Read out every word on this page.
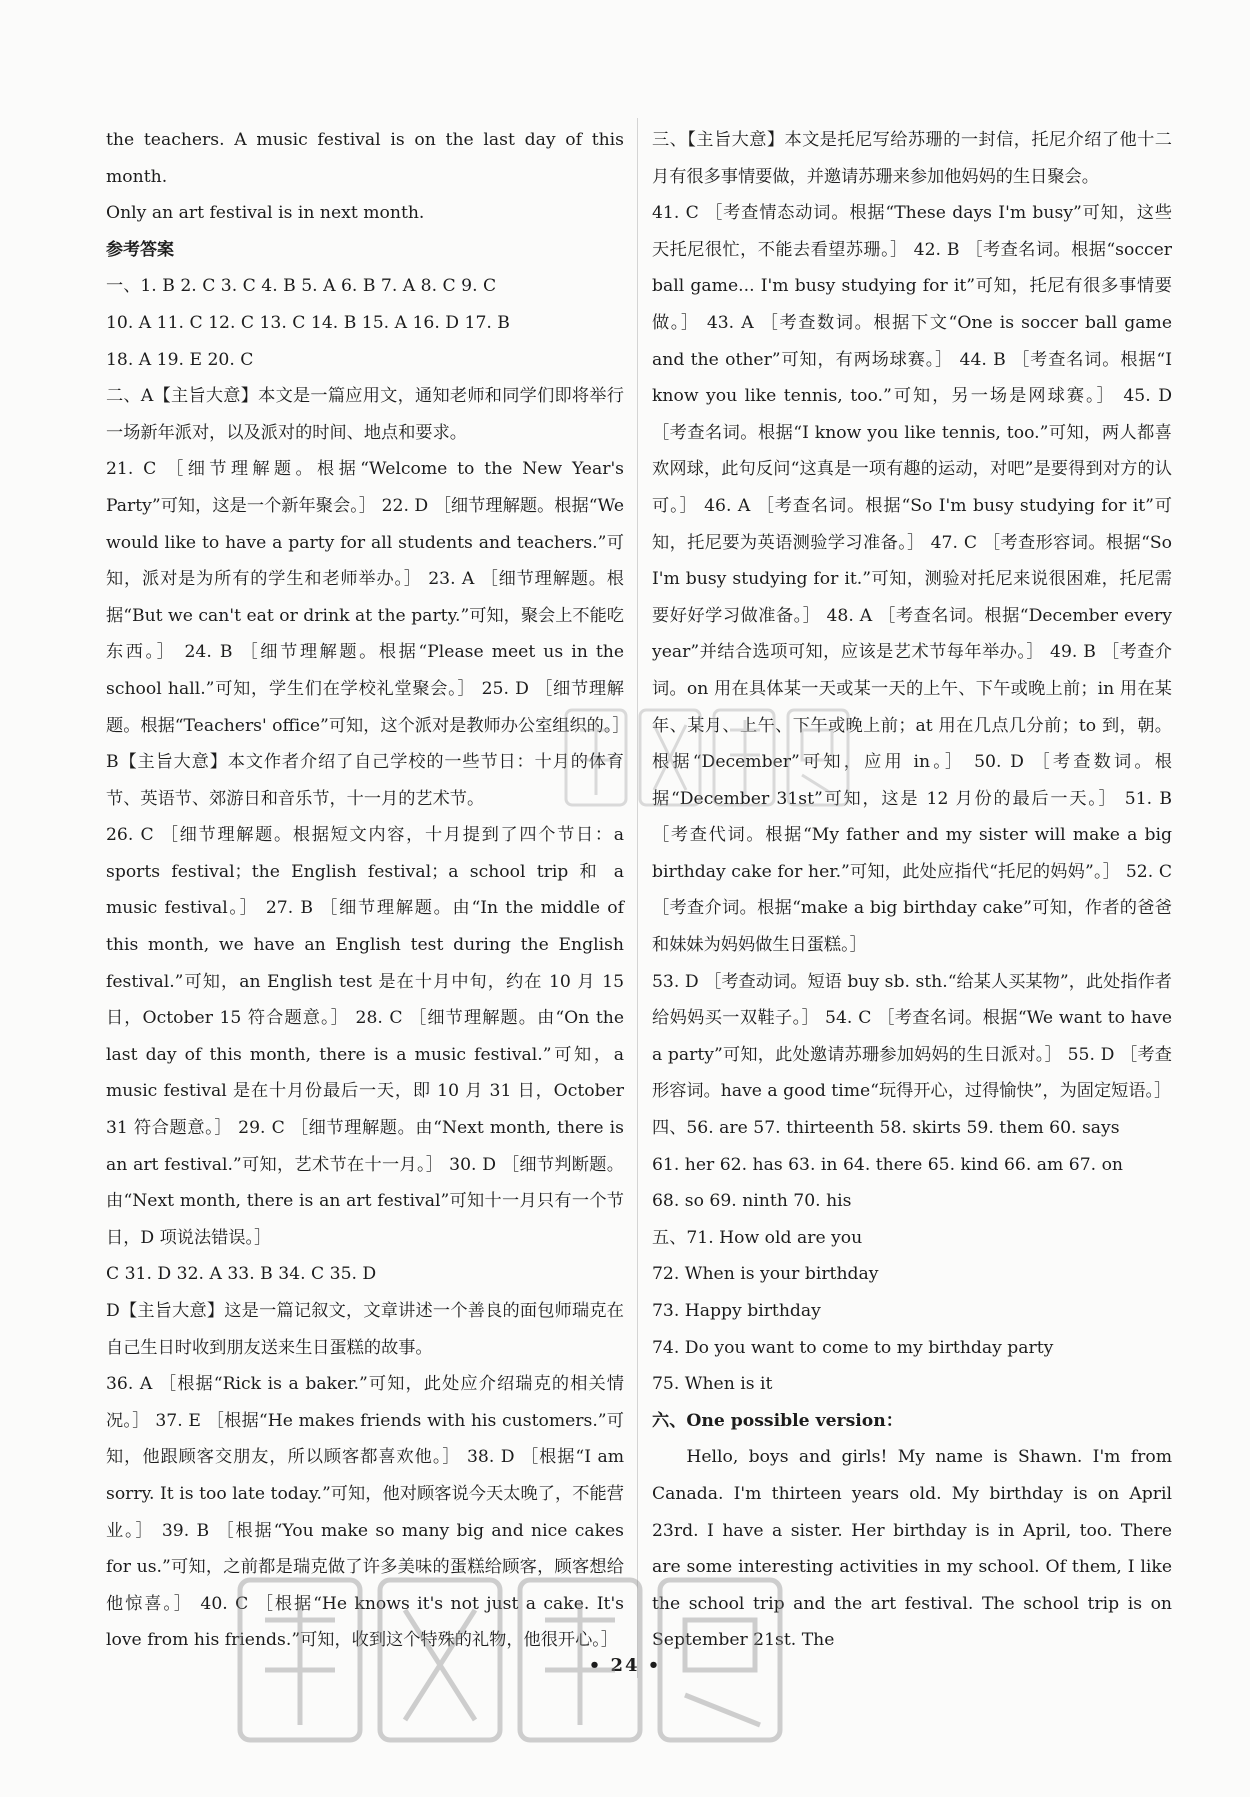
the teachers. A music festival is on the last day of this month.

Only an art festival is in next month.

参考答案

一、1. B 2. C 3. C 4. B 5. A 6. B 7. A 8. C 9. C

10. A 11. C 12. C 13. C 14. B 15. A 16. D 17. B

18. A 19. E 20. C

二、A【主旨大意】本文是一篇应用文，通知老师和同学们即将举行一场新年派对，以及派对的时间、地点和要求。

21. C ［细节理解题。根据“Welcome to the New Year's Party”可知，这是一个新年聚会。］ 22. D ［细节理解题。根据“We would like to have a party for all students and teachers.”可知，派对是为所有的学生和老师举办。］ 23. A ［细节理解题。根据“But we can't eat or drink at the party.”可知，聚会上不能吃东西。］ 24. B ［细节理解题。根据“Please meet us in the school hall.”可知，学生们在学校礼堂聚会。］ 25. D ［细节理解题。根据“Teachers' office”可知，这个派对是教师办公室组织的。］

B【主旨大意】本文作者介绍了自己学校的一些节日：十月的体育节、英语节、郊游日和音乐节，十一月的艺术节。

26. C ［细节理解题。根据短文内容，十月提到了四个节日：a sports festival；the English festival；a school trip 和 a music festival。］ 27. B ［细节理解题。由“In the middle of this month, we have an English test during the English festival.”可知，an English test 是在十月中旬，约在 10 月 15 日，October 15 符合题意。］ 28. C ［细节理解题。由“On the last day of this month, there is a music festival.”可知，a music festival 是在十月份最后一天，即 10 月 31 日，October 31 符合题意。］ 29. C ［细节理解题。由“Next month, there is an art festival.”可知，艺术节在十一月。］ 30. D ［细节判断题。由“Next month, there is an art festival”可知十一月只有一个节日，D 项说法错误。］

C 31. D 32. A 33. B 34. C 35. D

D【主旨大意】这是一篇记叙文，文章讲述一个善良的面包师瑞克在自己生日时收到朋友送来生日蛋糕的故事。

36. A ［根据“Rick is a baker.”可知，此处应介绍瑞克的相关情况。］ 37. E ［根据“He makes friends with his customers.”可知，他跟顾客交朋友，所以顾客都喜欢他。］ 38. D ［根据“I am sorry. It is too late today.”可知，他对顾客说今天太晚了，不能营业。］ 39. B ［根据“You make so many big and nice cakes for us.”可知，之前都是瑞克做了许多美味的蛋糕给顾客，顾客想给他惊喜。］ 40. C ［根据“He knows it's not just a cake. It's love from his friends.”可知，收到这个特殊的礼物，他很开心。］

三、【主旨大意】本文是托尼写给苏珊的一封信，托尼介绍了他十二月有很多事情要做，并邀请苏珊来参加他妈妈的生日聚会。

41. C ［考查情态动词。根据“These days I'm busy”可知，这些天托尼很忙，不能去看望苏珊。］ 42. B ［考查名词。根据“soccer ball game... I'm busy studying for it”可知，托尼有很多事情要做。］ 43. A ［考查数词。根据下文“One is soccer ball game and the other”可知，有两场球赛。］ 44. B ［考查名词。根据“I know you like tennis, too.”可知，另一场是网球赛。］ 45. D ［考查名词。根据“I know you like tennis, too.”可知，两人都喜欢网球，此句反问“这真是一项有趣的运动，对吧”是要得到对方的认可。］ 46. A ［考查名词。根据“So I'm busy studying for it”可知，托尼要为英语测验学习准备。］ 47. C ［考查形容词。根据“So I'm busy studying for it.”可知，测验对托尼来说很困难，托尼需要好好学习做准备。］ 48. A ［考查名词。根据“December every year”并结合选项可知，应该是艺术节每年举办。］ 49. B ［考查介词。on 用在具体某一天或某一天的上午、下午或晚上前；in 用在某年、某月、上午、下午或晚上前；at 用在几点几分前；to 到，朝。根据“December”可知，应用 in。］ 50. D ［考查数词。根据“December 31st”可知，这是 12 月份的最后一天。］ 51. B ［考查代词。根据“My father and my sister will make a big birthday cake for her.”可知，此处应指代“托尼的妈妈”。］ 52. C ［考查介词。根据“make a big birthday cake”可知，作者的爸爸和妹妹为妈妈做生日蛋糕。］

53. D ［考查动词。短语 buy sb. sth.“给某人买某物”，此处指作者给妈妈买一双鞋子。］ 54. C ［考查名词。根据“We want to have a party”可知，此处邀请苏珊参加妈妈的生日派对。］ 55. D ［考查形容词。have a good time“玩得开心，过得愉快”，为固定短语。］

四、56. are 57. thirteenth 58. skirts 59. them 60. says

61. her 62. has 63. in 64. there 65. kind 66. am 67. on

68. so 69. ninth 70. his

五、71. How old are you

72. When is your birthday

73. Happy birthday

74. Do you want to come to my birthday party

75. When is it

六、One possible version：

Hello, boys and girls! My name is Shawn. I'm from Canada. I'm thirteen years old. My birthday is on April 23rd. I have a sister. Her birthday is in April, too. There are some interesting activities in my school. Of them, I like the school trip and the art festival. The school trip is on September 21st. The

• 24 •
